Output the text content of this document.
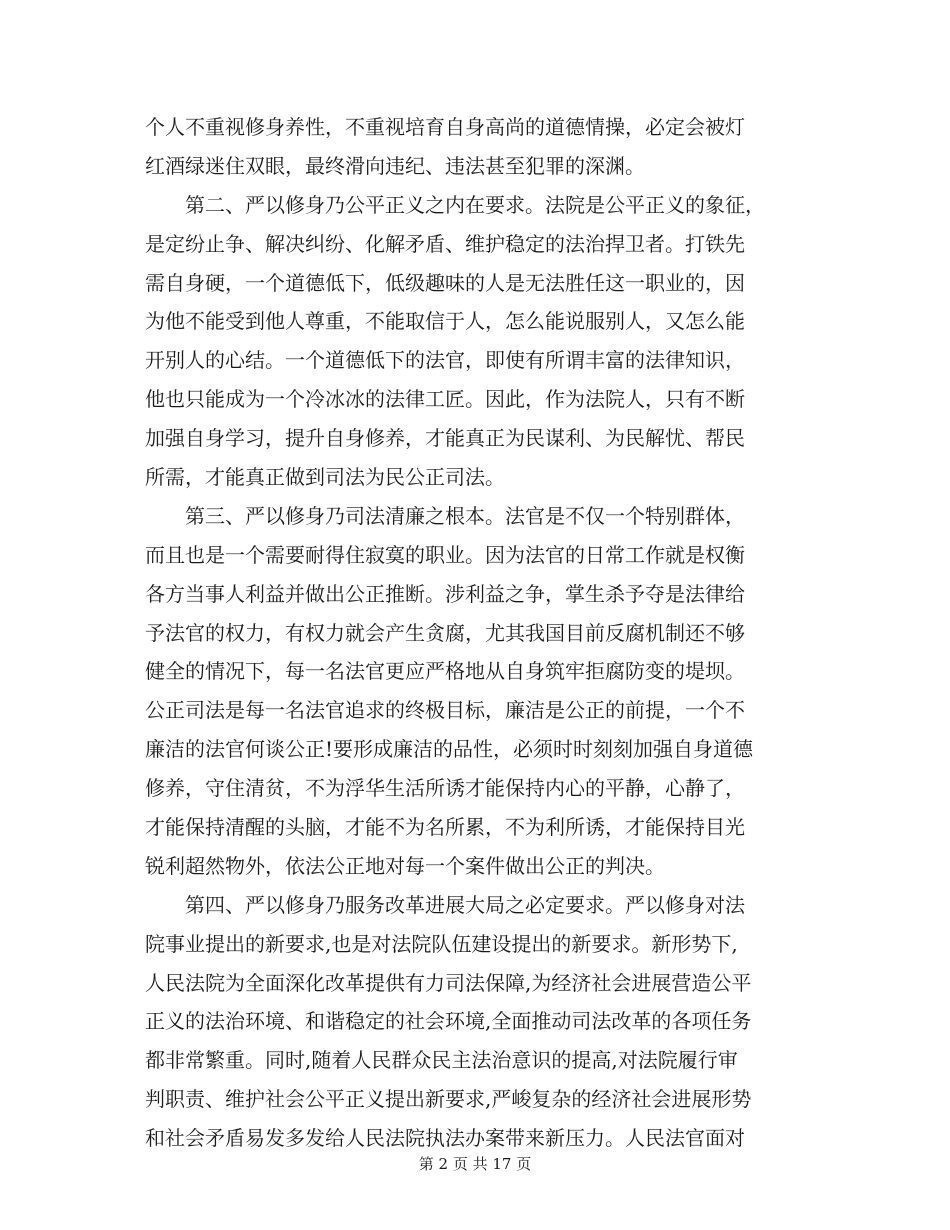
个人不重视修身养性，不重视培育自身高尚的道德情操，必定会被灯
红酒绿迷住双眼，最终滑向违纪、违法甚至犯罪的深渊。
　　第二、严以修身乃公平正义之内在要求。法院是公平正义的象征，
是定纷止争、解决纠纷、化解矛盾、维护稳定的法治捍卫者。打铁先
需自身硬，一个道德低下，低级趣味的人是无法胜任这一职业的，因
为他不能受到他人尊重，不能取信于人，怎么能说服别人，又怎么能
开别人的心结。一个道德低下的法官，即使有所谓丰富的法律知识，
他也只能成为一个冷冰冰的法律工匠。因此，作为法院人，只有不断
加强自身学习，提升自身修养，才能真正为民谋利、为民解忧、帮民
所需，才能真正做到司法为民公正司法。
　　第三、严以修身乃司法清廉之根本。法官是不仅一个特别群体，
而且也是一个需要耐得住寂寞的职业。因为法官的日常工作就是权衡
各方当事人利益并做出公正推断。涉利益之争，掌生杀予夺是法律给
予法官的权力，有权力就会产生贪腐，尤其我国目前反腐机制还不够
健全的情况下，每一名法官更应严格地从自身筑牢拒腐防变的堤坝。
公正司法是每一名法官追求的终极目标，廉洁是公正的前提，一个不
廉洁的法官何谈公正!要形成廉洁的品性，必须时时刻刻加强自身道德
修养，守住清贫，不为浮华生活所诱才能保持内心的平静，心静了，
才能保持清醒的头脑，才能不为名所累，不为利所诱，才能保持目光
锐利超然物外，依法公正地对每一个案件做出公正的判决。
　　第四、严以修身乃服务改革进展大局之必定要求。严以修身对法
院事业提出的新要求,也是对法院队伍建设提出的新要求。新形势下,
人民法院为全面深化改革提供有力司法保障,为经济社会进展营造公平
正义的法治环境、和谐稳定的社会环境,全面推动司法改革的各项任务
都非常繁重。同时,随着人民群众民主法治意识的提高,对法院履行审
判职责、维护社会公平正义提出新要求,严峻复杂的经济社会进展形势
和社会矛盾易发多发给人民法院执法办案带来新压力。人民法官面对
第 2 页 共 17 页
